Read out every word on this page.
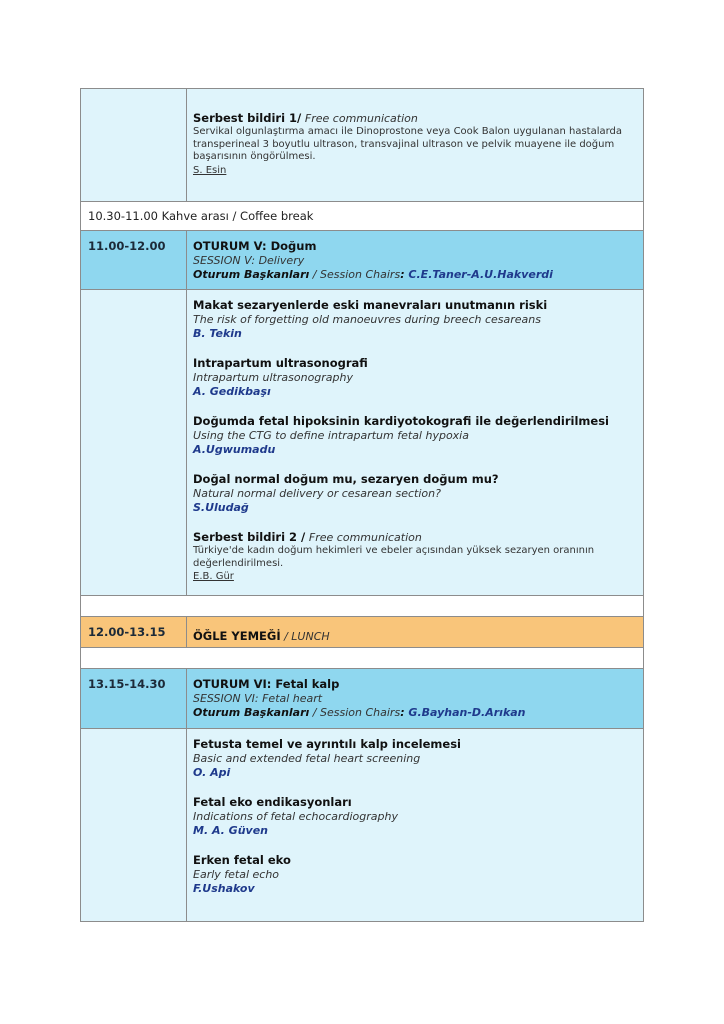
Serbest bildiri 1/ Free communication
Servikal olgunlaştırma amacı ile Dinoprostone veya Cook Balon uygulanan hastalarda transperineal 3 boyutlu ultrason, transvajinal ultrason ve pelvik muayene ile doğum başarısının öngörülmesi.
S. Esin
10.30-11.00 Kahve arası / Coffee break
11.00-12.00	OTURUM V: Doğum
SESSION V: Delivery
Oturum Başkanları / Session Chairs: C.E.Taner-A.U.Hakverdi
Makat sezaryenlerde eski manevraları unutmanın riski
The risk of forgetting old manoeuvres during breech cesareans
B. Tekin
Intrapartum ultrasonografi
Intrapartum ultrasonography
A. Gedikbaşı
Doğumda fetal hipoksinin kardiyotokografi ile değerlendirilmesi
Using the CTG to define intrapartum fetal hypoxia
A.Ugwumadu
Doğal normal doğum mu, sezaryen doğum mu?
Natural normal delivery or cesarean section?
S.Uludağ
Serbest bildiri 2 / Free communication
Türkiye'de kadın doğum hekimleri ve ebeler açısından yüksek sezaryen oranının değerlendirilmesi.
E.B. Gür
12.00-13.15	ÖĞLE YEMEĞİ / LUNCH
13.15-14.30	OTURUM VI: Fetal kalp
SESSION VI: Fetal heart
Oturum Başkanları / Session Chairs: G.Bayhan-D.Arıkan
Fetusta temel ve ayrıntılı kalp incelemesi
Basic and extended fetal heart screening
O. Api
Fetal eko endikasyonları
Indications of fetal echocardiography
M. A. Güven
Erken fetal eko
Early fetal echo
F.Ushakov
